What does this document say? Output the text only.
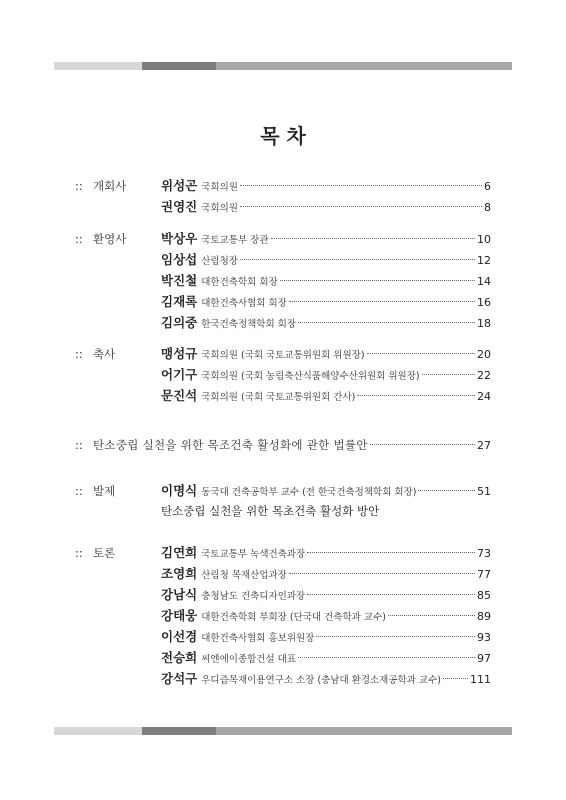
목 차
:: 개회사	위성곤 국회의원	6
권영진 국회의원	8
:: 환영사	박상우 국토교통부 장관	10
임상섭 산림청장	12
박진철 대한건축학회 회장	14
김재록 대한건축사협회 회장	16
김의중 한국건축정책학회 회장	18
:: 축사	맹성규 국회의원 (국회 국토교통위원회 위원장)	20
어기구 국회의원 (국회 농림축산식품해양수산위원회 위원장)	22
문진석 국회의원 (국회 국토교통위원회 간사)	24
:: 탄소중립 실천을 위한 목조건축 활성화에 관한 법률안	27
:: 발제	이명식 동국대 건축공학부 교수 (전 한국건축정책학회 회장)	51
탄소중립 실천을 위한 목초건축 활성화 방안
:: 토론	김연희 국토교통부 녹색건축과장	73
조영희 산림청 목재산업과장	77
강남식 충청남도 건축디자인과장	85
강태웅 대한건축학회 부회장 (단국대 건축학과 교수)	89
이선경 대한건축사협회 홍보위원장	93
전승희 씨엔에이종합건설 대표	97
강석구 우디즘목재이용연구소 소장 (충남대 환경소재공학과 교수)	111
